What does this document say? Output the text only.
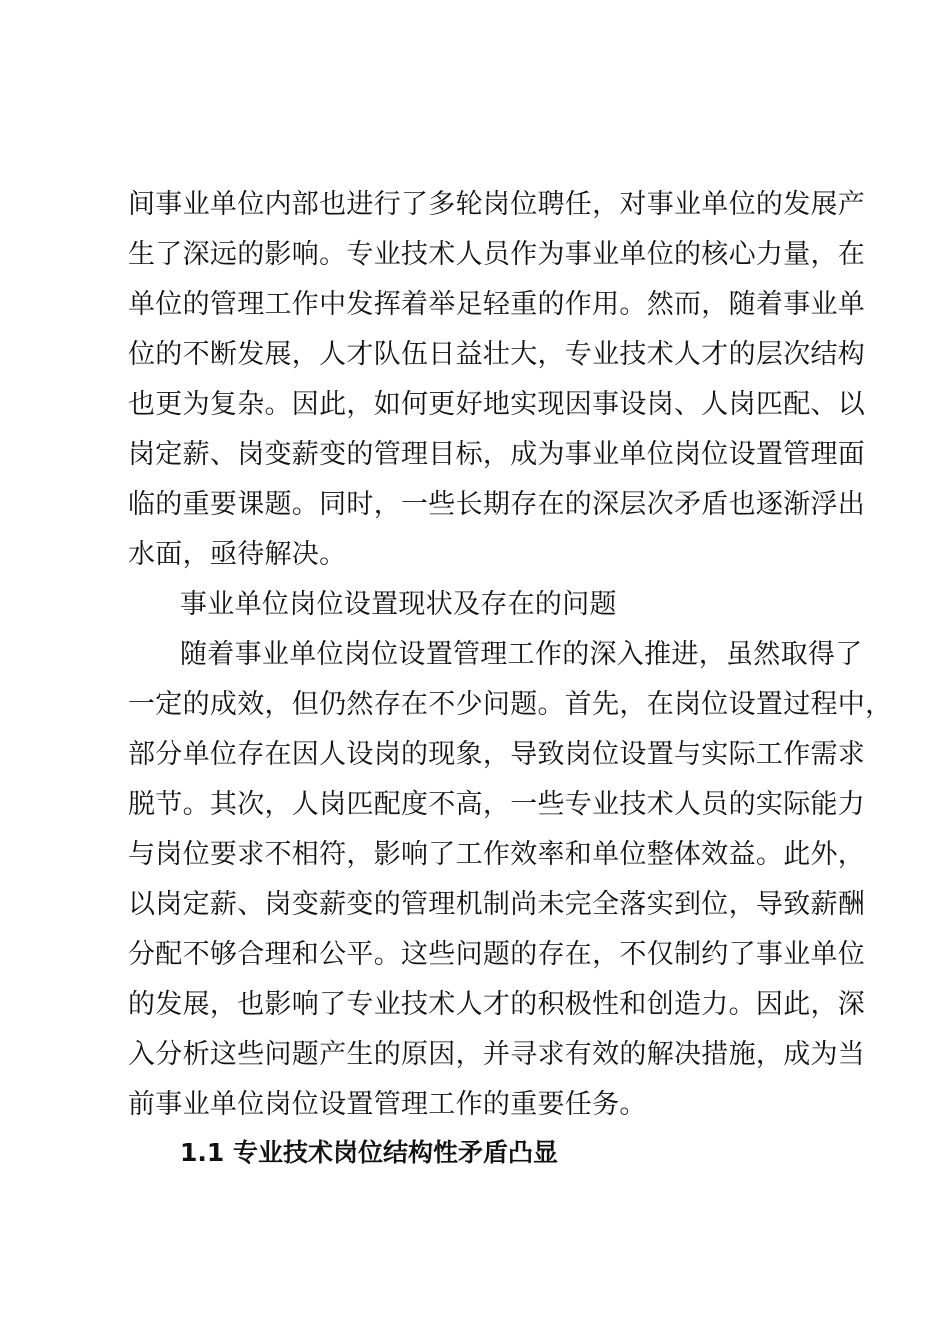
间事业单位内部也进行了多轮岗位聘任，对事业单位的发展产
生了深远的影响。专业技术人员作为事业单位的核心力量，在
单位的管理工作中发挥着举足轻重的作用。然而，随着事业单
位的不断发展，人才队伍日益壮大，专业技术人才的层次结构
也更为复杂。因此，如何更好地实现因事设岗、人岗匹配、以
岗定薪、岗变薪变的管理目标，成为事业单位岗位设置管理面
临的重要课题。同时，一些长期存在的深层次矛盾也逐渐浮出
水面，亟待解决。
事业单位岗位设置现状及存在的问题
随着事业单位岗位设置管理工作的深入推进，虽然取得了
一定的成效，但仍然存在不少问题。首先，在岗位设置过程中，
部分单位存在因人设岗的现象，导致岗位设置与实际工作需求
脱节。其次，人岗匹配度不高，一些专业技术人员的实际能力
与岗位要求不相符，影响了工作效率和单位整体效益。此外，
以岗定薪、岗变薪变的管理机制尚未完全落实到位，导致薪酬
分配不够合理和公平。这些问题的存在，不仅制约了事业单位
的发展，也影响了专业技术人才的积极性和创造力。因此，深
入分析这些问题产生的原因，并寻求有效的解决措施，成为当
前事业单位岗位设置管理工作的重要任务。
1.1 专业技术岗位结构性矛盾凸显
